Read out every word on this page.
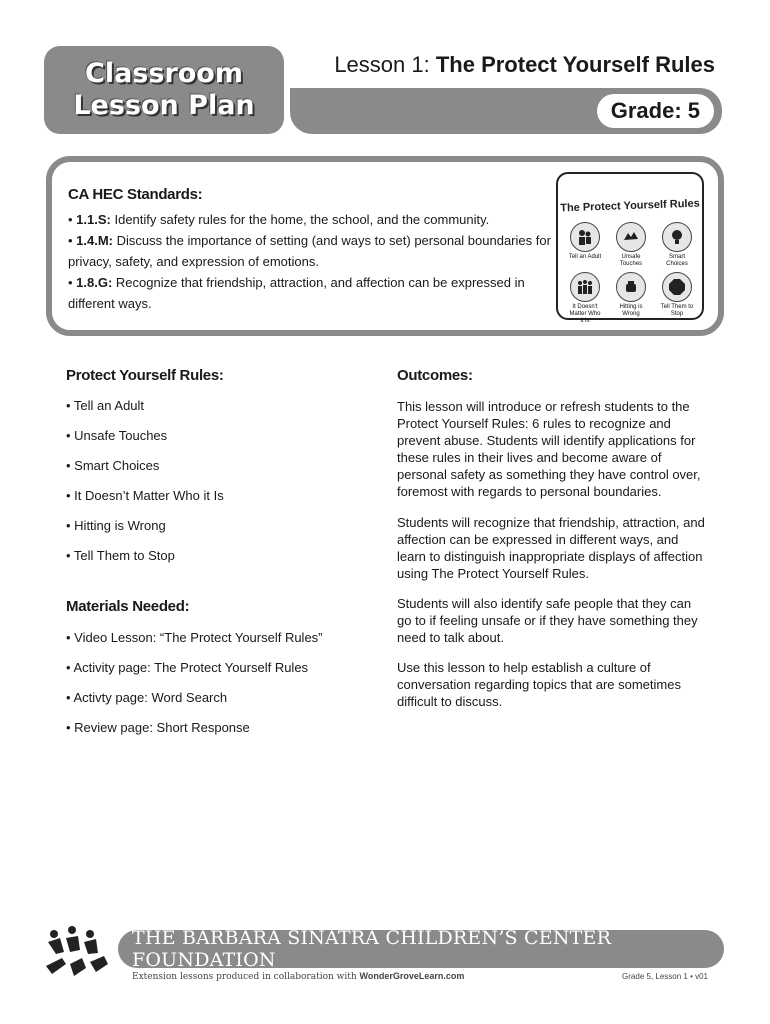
Classroom
Lesson Plan
Lesson 1: The Protect Yourself Rules
Grade: 5
CA HEC Standards:
• 1.1.S: Identify safety rules for the home, the school, and the community.
• 1.4.M: Discuss the importance of setting (and ways to set) personal boundaries for privacy, safety, and expression of emotions.
• 1.8.G: Recognize that friendship, attraction, and affection can be expressed in different ways.
The Protect Yourself Rules
Tell an Adult	Unsafe Touches
Smart Choices
It Doesn't Matter Who it is
Hitting is Wrong
Tell Them to Stop
Protect Yourself Rules:
• Tell an Adult
• Unsafe Touches
• Smart Choices
• It Doesn’t Matter Who it Is
• Hitting is Wrong
• Tell Them to Stop
Materials Needed:
• Video Lesson: “The Protect Yourself Rules”
• Activity page: The Protect Yourself Rules
• Activty page: Word Search
• Review page: Short Response
Outcomes:
This lesson will introduce or refresh students to the Protect Yourself Rules: 6 rules to recognize and prevent abuse. Students will identify applications for these rules in their lives and become aware of personal safety as something they have control over, foremost with regards to personal boundaries.
Students will recognize that friendship, attraction, and affection can be expressed in different ways, and learn to distinguish inappropriate displays of affection using The Protect Yourself Rules.
Students will also identify safe people that they can go to if feeling unsafe or if they have something they need to talk about.
Use this lesson to help establish a culture of conversation regarding topics that are sometimes difficult to discuss.
THE BARBARA SINATRA CHILDREN’S CENTER FOUNDATION
Extension lessons produced in collaboration with WonderGroveLearn.com	Grade 5, Lesson 1 • v01
